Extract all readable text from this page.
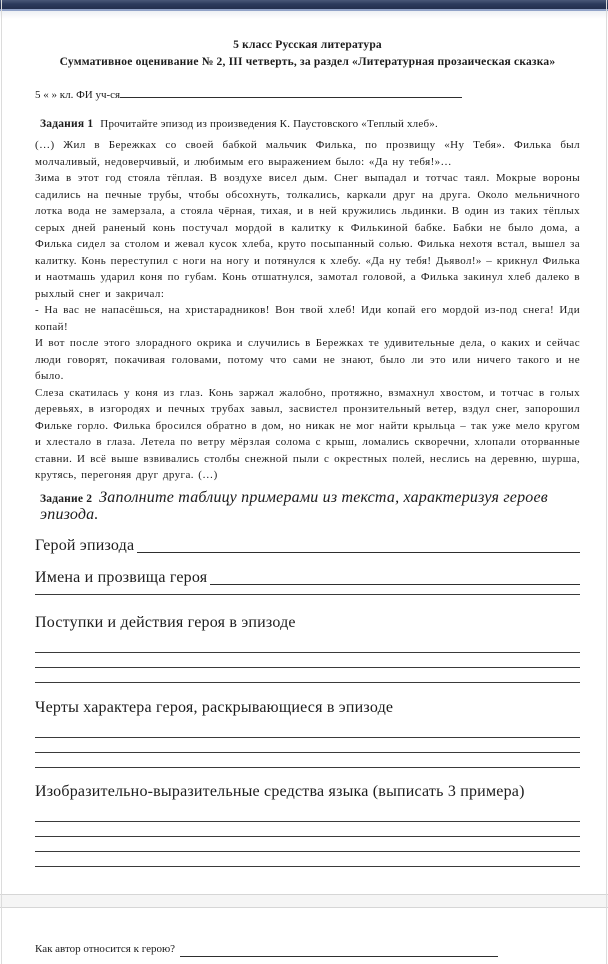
5 класс Русская литература
Суммативное оценивание № 2, III четверть, за раздел «Литературная прозаическая сказка»
5 « » кл. ФИ уч-ся
Задания 1 Прочитайте эпизод из произведения К. Паустовского «Теплый хлеб».

(…) Жил в Бережках со своей бабкой мальчик Филька, по прозвищу «Ну Тебя». Филька был молчаливый, недоверчивый, и любимым его выражением было: «Да ну тебя!»…

Зима в этот год стояла тёплая. В воздухе висел дым. Снег выпадал и тотчас таял. Мокрые вороны садились на печные трубы, чтобы обсохнуть, толкались, каркали друг на друга. Около мельничного лотка вода не замерзала, а стояла чёрная, тихая, и в ней кружились льдинки. В один из таких тёплых серых дней раненый конь постучал мордой в калитку к Филькиной бабке. Бабки не было дома, а Филька сидел за столом и жевал кусок хлеба, круто посыпанный солью. Филька нехотя встал, вышел за калитку. Конь переступил с ноги на ногу и потянулся к хлебу. «Да ну тебя! Дьявол!» – крикнул Филька и наотмашь ударил коня по губам. Конь отшатнулся, замотал головой, а Филька закинул хлеб далеко в рыхлый снег и закричал:

- На вас не напасёшься, на христарадников! Вон твой хлеб! Иди копай его мордой из-под снега! Иди копай!

И вот после этого злорадного окрика и случились в Бережках те удивительные дела, о каких и сейчас люди говорят, покачивая головами, потому что сами не знают, было ли это или ничего такого и не было.

Слеза скатилась у коня из глаз. Конь заржал жалобно, протяжно, взмахнул хвостом, и тотчас в голых деревьях, в изгородях и печных трубах завыл, засвистел пронзительный ветер, вздул снег, запорошил Фильке горло. Филька бросился обратно в дом, но никак не мог найти крыльца – так уже мело кругом и хлестало в глаза. Летела по ветру мёрзлая солома с крыш, ломались скворечни, хлопали оторванные ставни. И всё выше взвивались столбы снежной пыли с окрестных полей, неслись на деревню, шурша, крутясь, перегоняя друг друга. (…)

Задание 2 Заполните таблицу примерами из текста, характеризуя героев эпизода.
Герой эпизода
Имена и прозвища героя
Поступки и действия героя в эпизоде
Черты характера героя, раскрывающиеся в эпизоде
Изобразительно-выразительные средства языка (выписать 3 примера)
Как автор относится к герою?
